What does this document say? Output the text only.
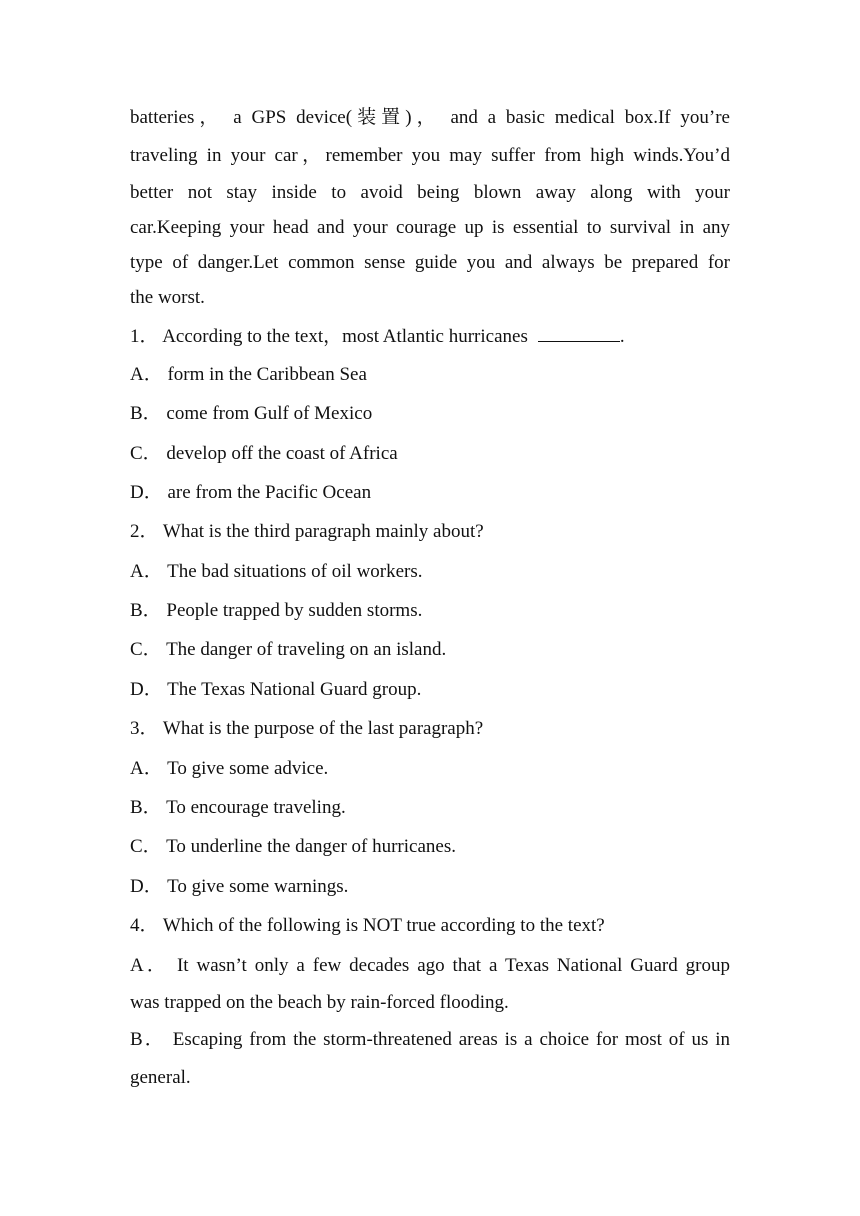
batteries， a GPS device(装置)， and a basic medical box.If you’re
traveling in your car，remember you may suffer from high winds.You’d
better not stay inside to avoid being blown away along with your
car.Keeping your head and your courage up is essential to survival in any
type of danger.Let common sense guide you and always be prepared for
the worst.
1． According to the text，most Atlantic hurricanes	.
A． form in the Caribbean Sea
B． come from Gulf of Mexico
C． develop off the coast of Africa
D． are from the Pacific Ocean
2． What is the third paragraph mainly about?
A． The bad situations of oil workers.
B． People trapped by sudden storms.
C． The danger of traveling on an island.
D． The Texas National Guard group.
3． What is the purpose of the last paragraph?
A． To give some advice.
B． To encourage traveling.
C． To underline the danger of hurricanes.
D． To give some warnings.
4． Which of the following is NOT true according to the text?
A． It wasn’t only a few decades ago that a Texas National Guard group
was trapped on the beach by rain-forced flooding.
B． Escaping from the storm-threatened areas is a choice for most of us in
general.
